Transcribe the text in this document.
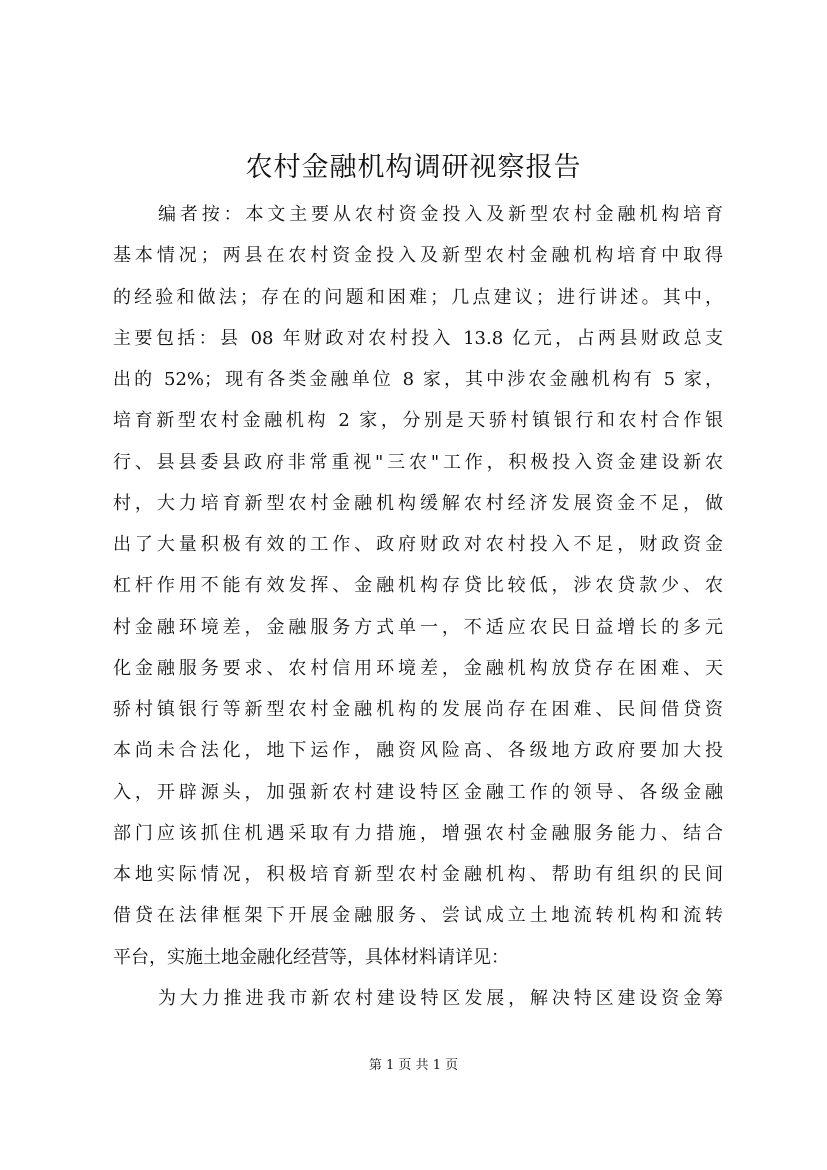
农村金融机构调研视察报告
编者按：本文主要从农村资金投入及新型农村金融机构培育
基本情况；两县在农村资金投入及新型农村金融机构培育中取得
的经验和做法；存在的问题和困难；几点建议；进行讲述。其中，
主要包括：县 08 年财政对农村投入 13.8 亿元，占两县财政总支
出的 52%；现有各类金融单位 8 家，其中涉农金融机构有 5 家，
培育新型农村金融机构 2 家，分别是天骄村镇银行和农村合作银
行、县县委县政府非常重视"三农"工作，积极投入资金建设新农
村，大力培育新型农村金融机构缓解农村经济发展资金不足，做
出了大量积极有效的工作、政府财政对农村投入不足，财政资金
杠杆作用不能有效发挥、金融机构存贷比较低，涉农贷款少、农
村金融环境差，金融服务方式单一，不适应农民日益增长的多元
化金融服务要求、农村信用环境差，金融机构放贷存在困难、天
骄村镇银行等新型农村金融机构的发展尚存在困难、民间借贷资
本尚未合法化，地下运作，融资风险高、各级地方政府要加大投
入，开辟源头，加强新农村建设特区金融工作的领导、各级金融
部门应该抓住机遇采取有力措施，增强农村金融服务能力、结合
本地实际情况，积极培育新型农村金融机构、帮助有组织的民间
借贷在法律框架下开展金融服务、尝试成立土地流转机构和流转
平台，实施土地金融化经营等，具体材料请详见：
为大力推进我市新农村建设特区发展，解决特区建设资金筹
第 1 页 共 1 页
